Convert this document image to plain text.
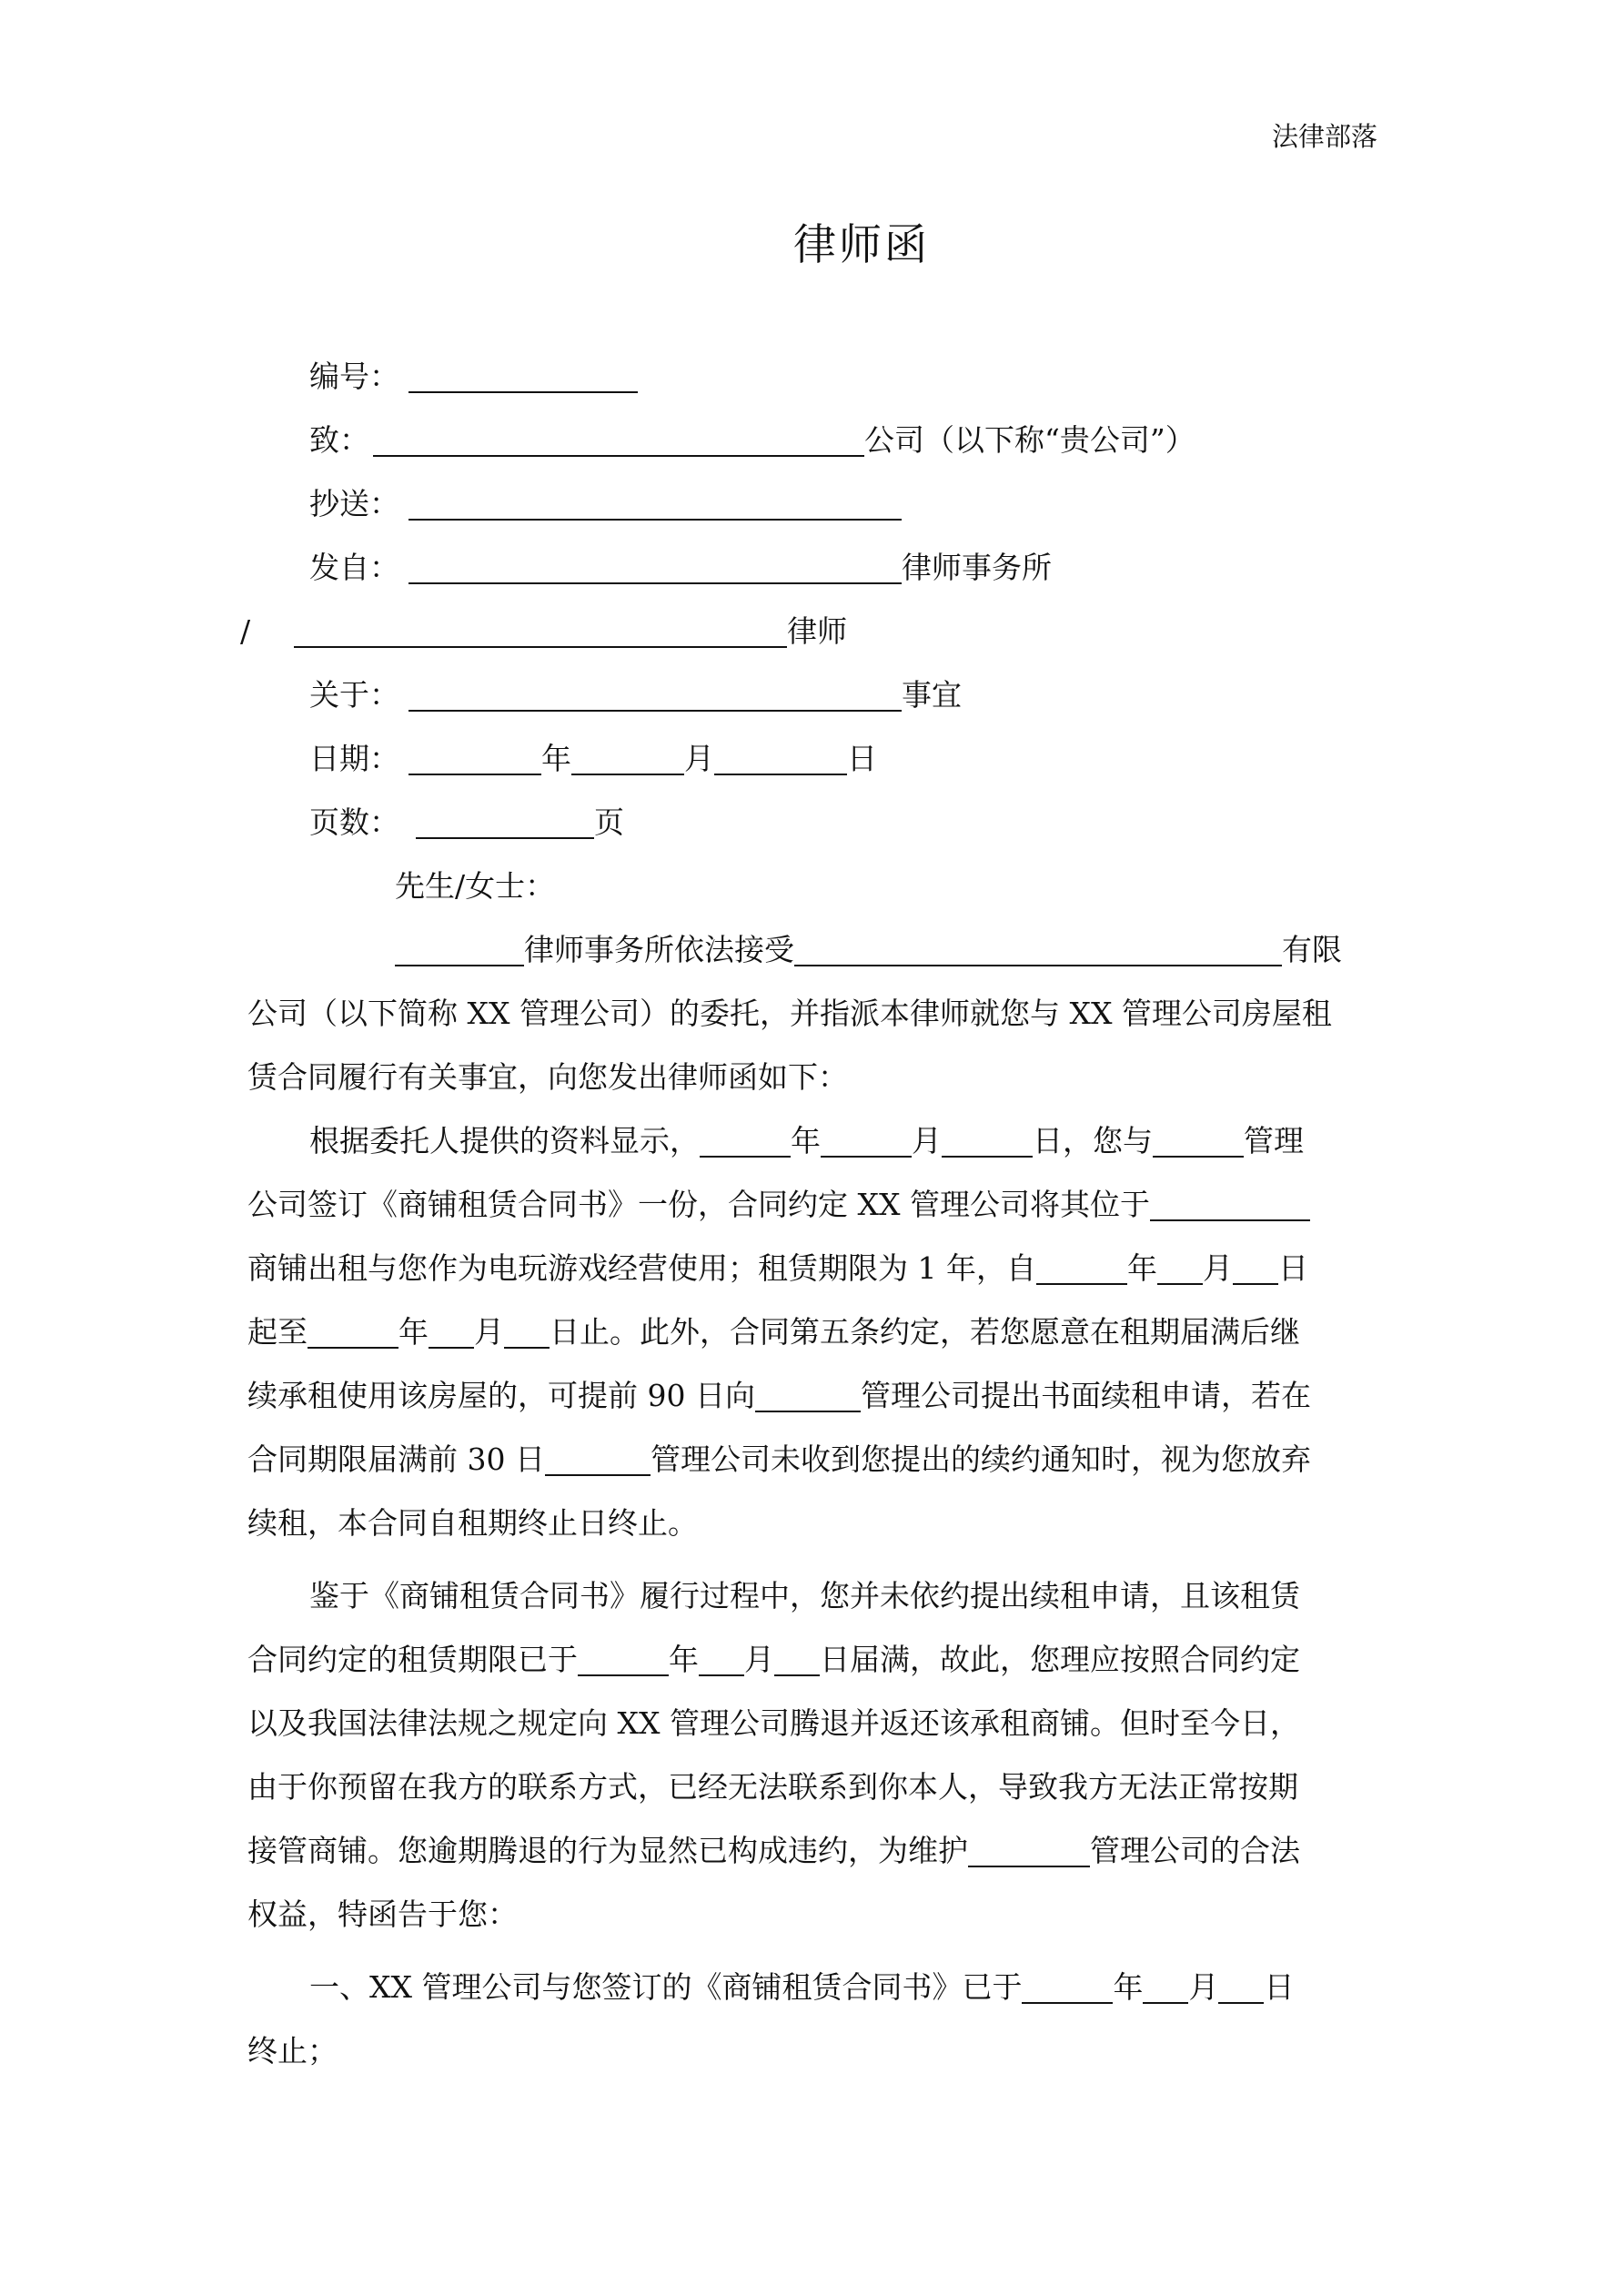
法律部落
律师函
编号：
致：	公司（以下称“贵公司”）
抄送：
发自：	律师事务所
/	律师
关于：	事宜
日期：	年	月	日
页数：	页
先生/女士：
律师事务所依法接受	有限
公司（以下简称 XX 管理公司）的委托，并指派本律师就您与 XX 管理公司房屋租
赁合同履行有关事宜，向您发出律师函如下：
根据委托人提供的资料显示，	年	月	日，您与	管理
公司签订《商铺租赁合同书》一份，合同约定 XX 管理公司将其位于
商铺出租与您作为电玩游戏经营使用；租赁期限为 1 年，自	年 月 日
起至	年 月 日止。此外，合同第五条约定，若您愿意在租期届满后继
续承租使用该房屋的，可提前 90 日向	管理公司提出书面续租申请，若在
合同期限届满前 30 日	管理公司未收到您提出的续约通知时，视为您放弃
续租，本合同自租期终止日终止。
鉴于《商铺租赁合同书》履行过程中，您并未依约提出续租申请，且该租赁
合同约定的租赁期限已于	年 月 日届满，故此，您理应按照合同约定
以及我国法律法规之规定向 XX 管理公司腾退并返还该承租商铺。但时至今日，
由于你预留在我方的联系方式，已经无法联系到你本人，导致我方无法正常按期
接管商铺。您逾期腾退的行为显然已构成违约，为维护	管理公司的合法
权益，特函告于您：
一、XX 管理公司与您签订的《商铺租赁合同书》已于	年 月 日
终止；
